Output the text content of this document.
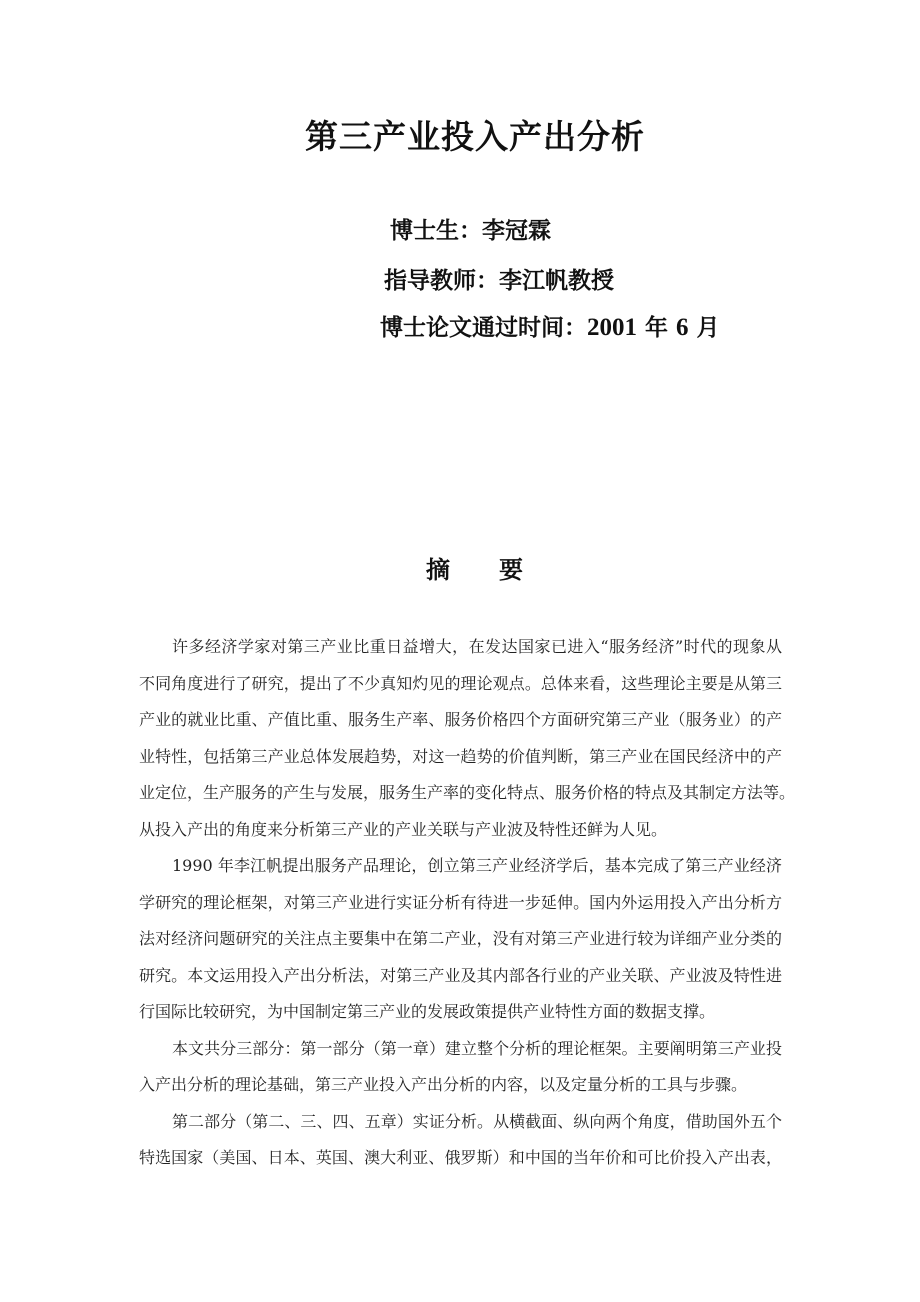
第三产业投入产出分析
博士生：李冠霖
指导教师：李江帆教授
博士论文通过时间：2001 年 6 月
摘 要
许多经济学家对第三产业比重日益增大，在发达国家已进入“服务经济”时代的现象从
不同角度进行了研究，提出了不少真知灼见的理论观点。总体来看，这些理论主要是从第三
产业的就业比重、产值比重、服务生产率、服务价格四个方面研究第三产业（服务业）的产
业特性，包括第三产业总体发展趋势，对这一趋势的价值判断，第三产业在国民经济中的产
业定位，生产服务的产生与发展，服务生产率的变化特点、服务价格的特点及其制定方法等。
从投入产出的角度来分析第三产业的产业关联与产业波及特性还鲜为人见。
1990 年李江帆提出服务产品理论，创立第三产业经济学后，基本完成了第三产业经济
学研究的理论框架，对第三产业进行实证分析有待进一步延伸。国内外运用投入产出分析方
法对经济问题研究的关注点主要集中在第二产业，没有对第三产业进行较为详细产业分类的
研究。本文运用投入产出分析法，对第三产业及其内部各行业的产业关联、产业波及特性进
行国际比较研究，为中国制定第三产业的发展政策提供产业特性方面的数据支撑。
本文共分三部分：第一部分（第一章）建立整个分析的理论框架。主要阐明第三产业投
入产出分析的理论基础，第三产业投入产出分析的内容，以及定量分析的工具与步骤。
第二部分（第二、三、四、五章）实证分析。从横截面、纵向两个角度，借助国外五个
特选国家（美国、日本、英国、澳大利亚、俄罗斯）和中国的当年价和可比价投入产出表，
